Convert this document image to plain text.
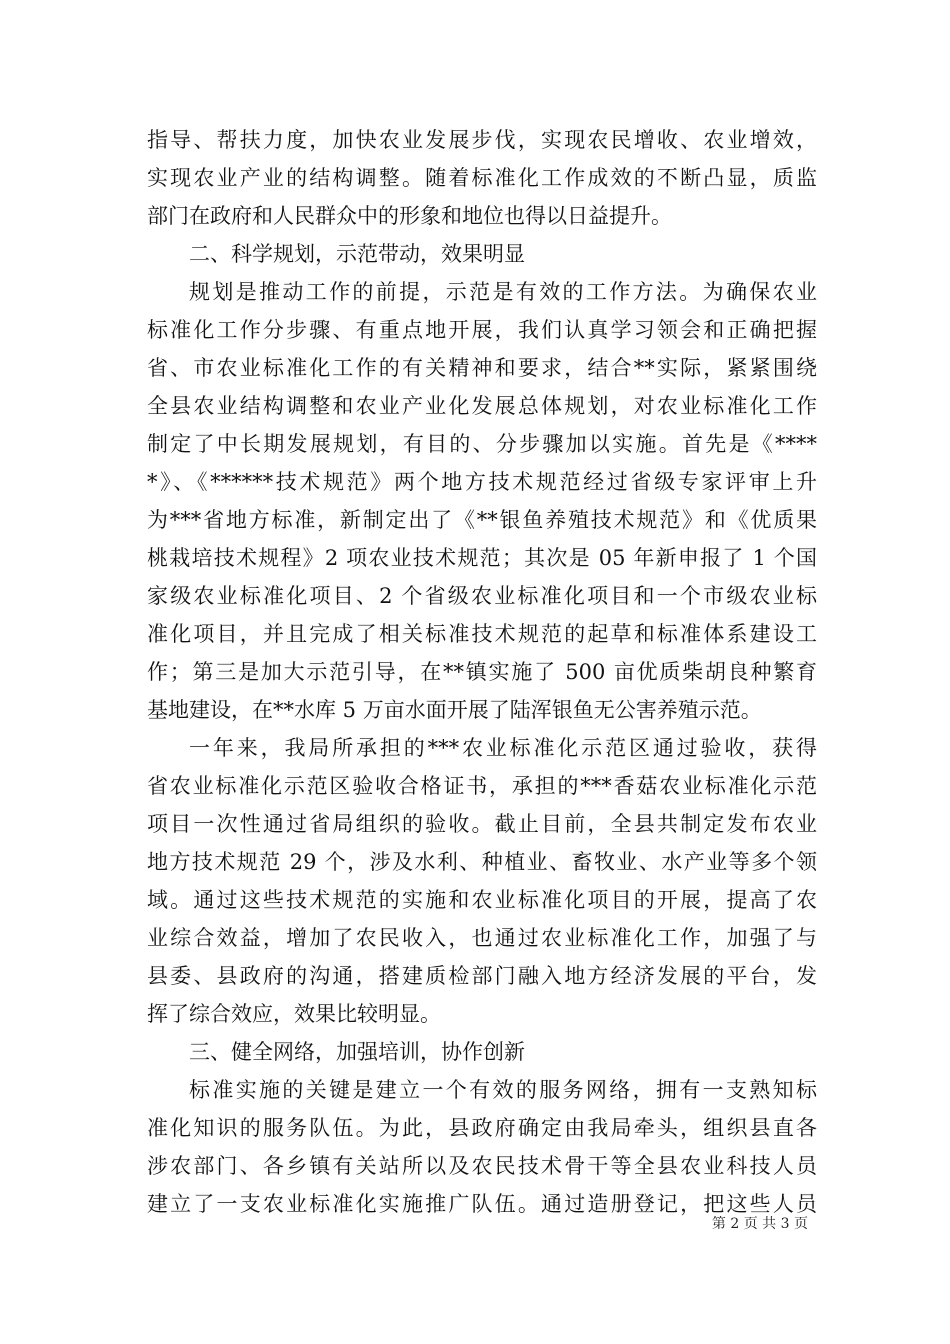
指导、帮扶力度，加快农业发展步伐，实现农民增收、农业增效，
实现农业产业的结构调整。随着标准化工作成效的不断凸显，质监
部门在政府和人民群众中的形象和地位也得以日益提升。
二、科学规划，示范带动，效果明显
规划是推动工作的前提，示范是有效的工作方法。为确保农业
标准化工作分步骤、有重点地开展，我们认真学习领会和正确把握
省、市农业标准化工作的有关精神和要求，结合**实际，紧紧围绕
全县农业结构调整和农业产业化发展总体规划，对农业标准化工作
制定了中长期发展规划，有目的、分步骤加以实施。首先是《****
*》、《******技术规范》两个地方技术规范经过省级专家评审上升
为***省地方标准，新制定出了《**银鱼养殖技术规范》和《优质果
桃栽培技术规程》2 项农业技术规范；其次是 05 年新申报了 1 个国
家级农业标准化项目、2 个省级农业标准化项目和一个市级农业标
准化项目，并且完成了相关标准技术规范的起草和标准体系建设工
作；第三是加大示范引导，在**镇实施了 500 亩优质柴胡良种繁育
基地建设，在**水库 5 万亩水面开展了陆浑银鱼无公害养殖示范。
一年来，我局所承担的***农业标准化示范区通过验收，获得
省农业标准化示范区验收合格证书，承担的***香菇农业标准化示范
项目一次性通过省局组织的验收。截止目前，全县共制定发布农业
地方技术规范 29 个，涉及水利、种植业、畜牧业、水产业等多个领
域。通过这些技术规范的实施和农业标准化项目的开展，提高了农
业综合效益，增加了农民收入，也通过农业标准化工作，加强了与
县委、县政府的沟通，搭建质检部门融入地方经济发展的平台，发
挥了综合效应，效果比较明显。
三、健全网络，加强培训，协作创新
标准实施的关键是建立一个有效的服务网络，拥有一支熟知标
准化知识的服务队伍。为此，县政府确定由我局牵头，组织县直各
涉农部门、各乡镇有关站所以及农民技术骨干等全县农业科技人员
建立了一支农业标准化实施推广队伍。通过造册登记，把这些人员
第 2 页 共 3 页
